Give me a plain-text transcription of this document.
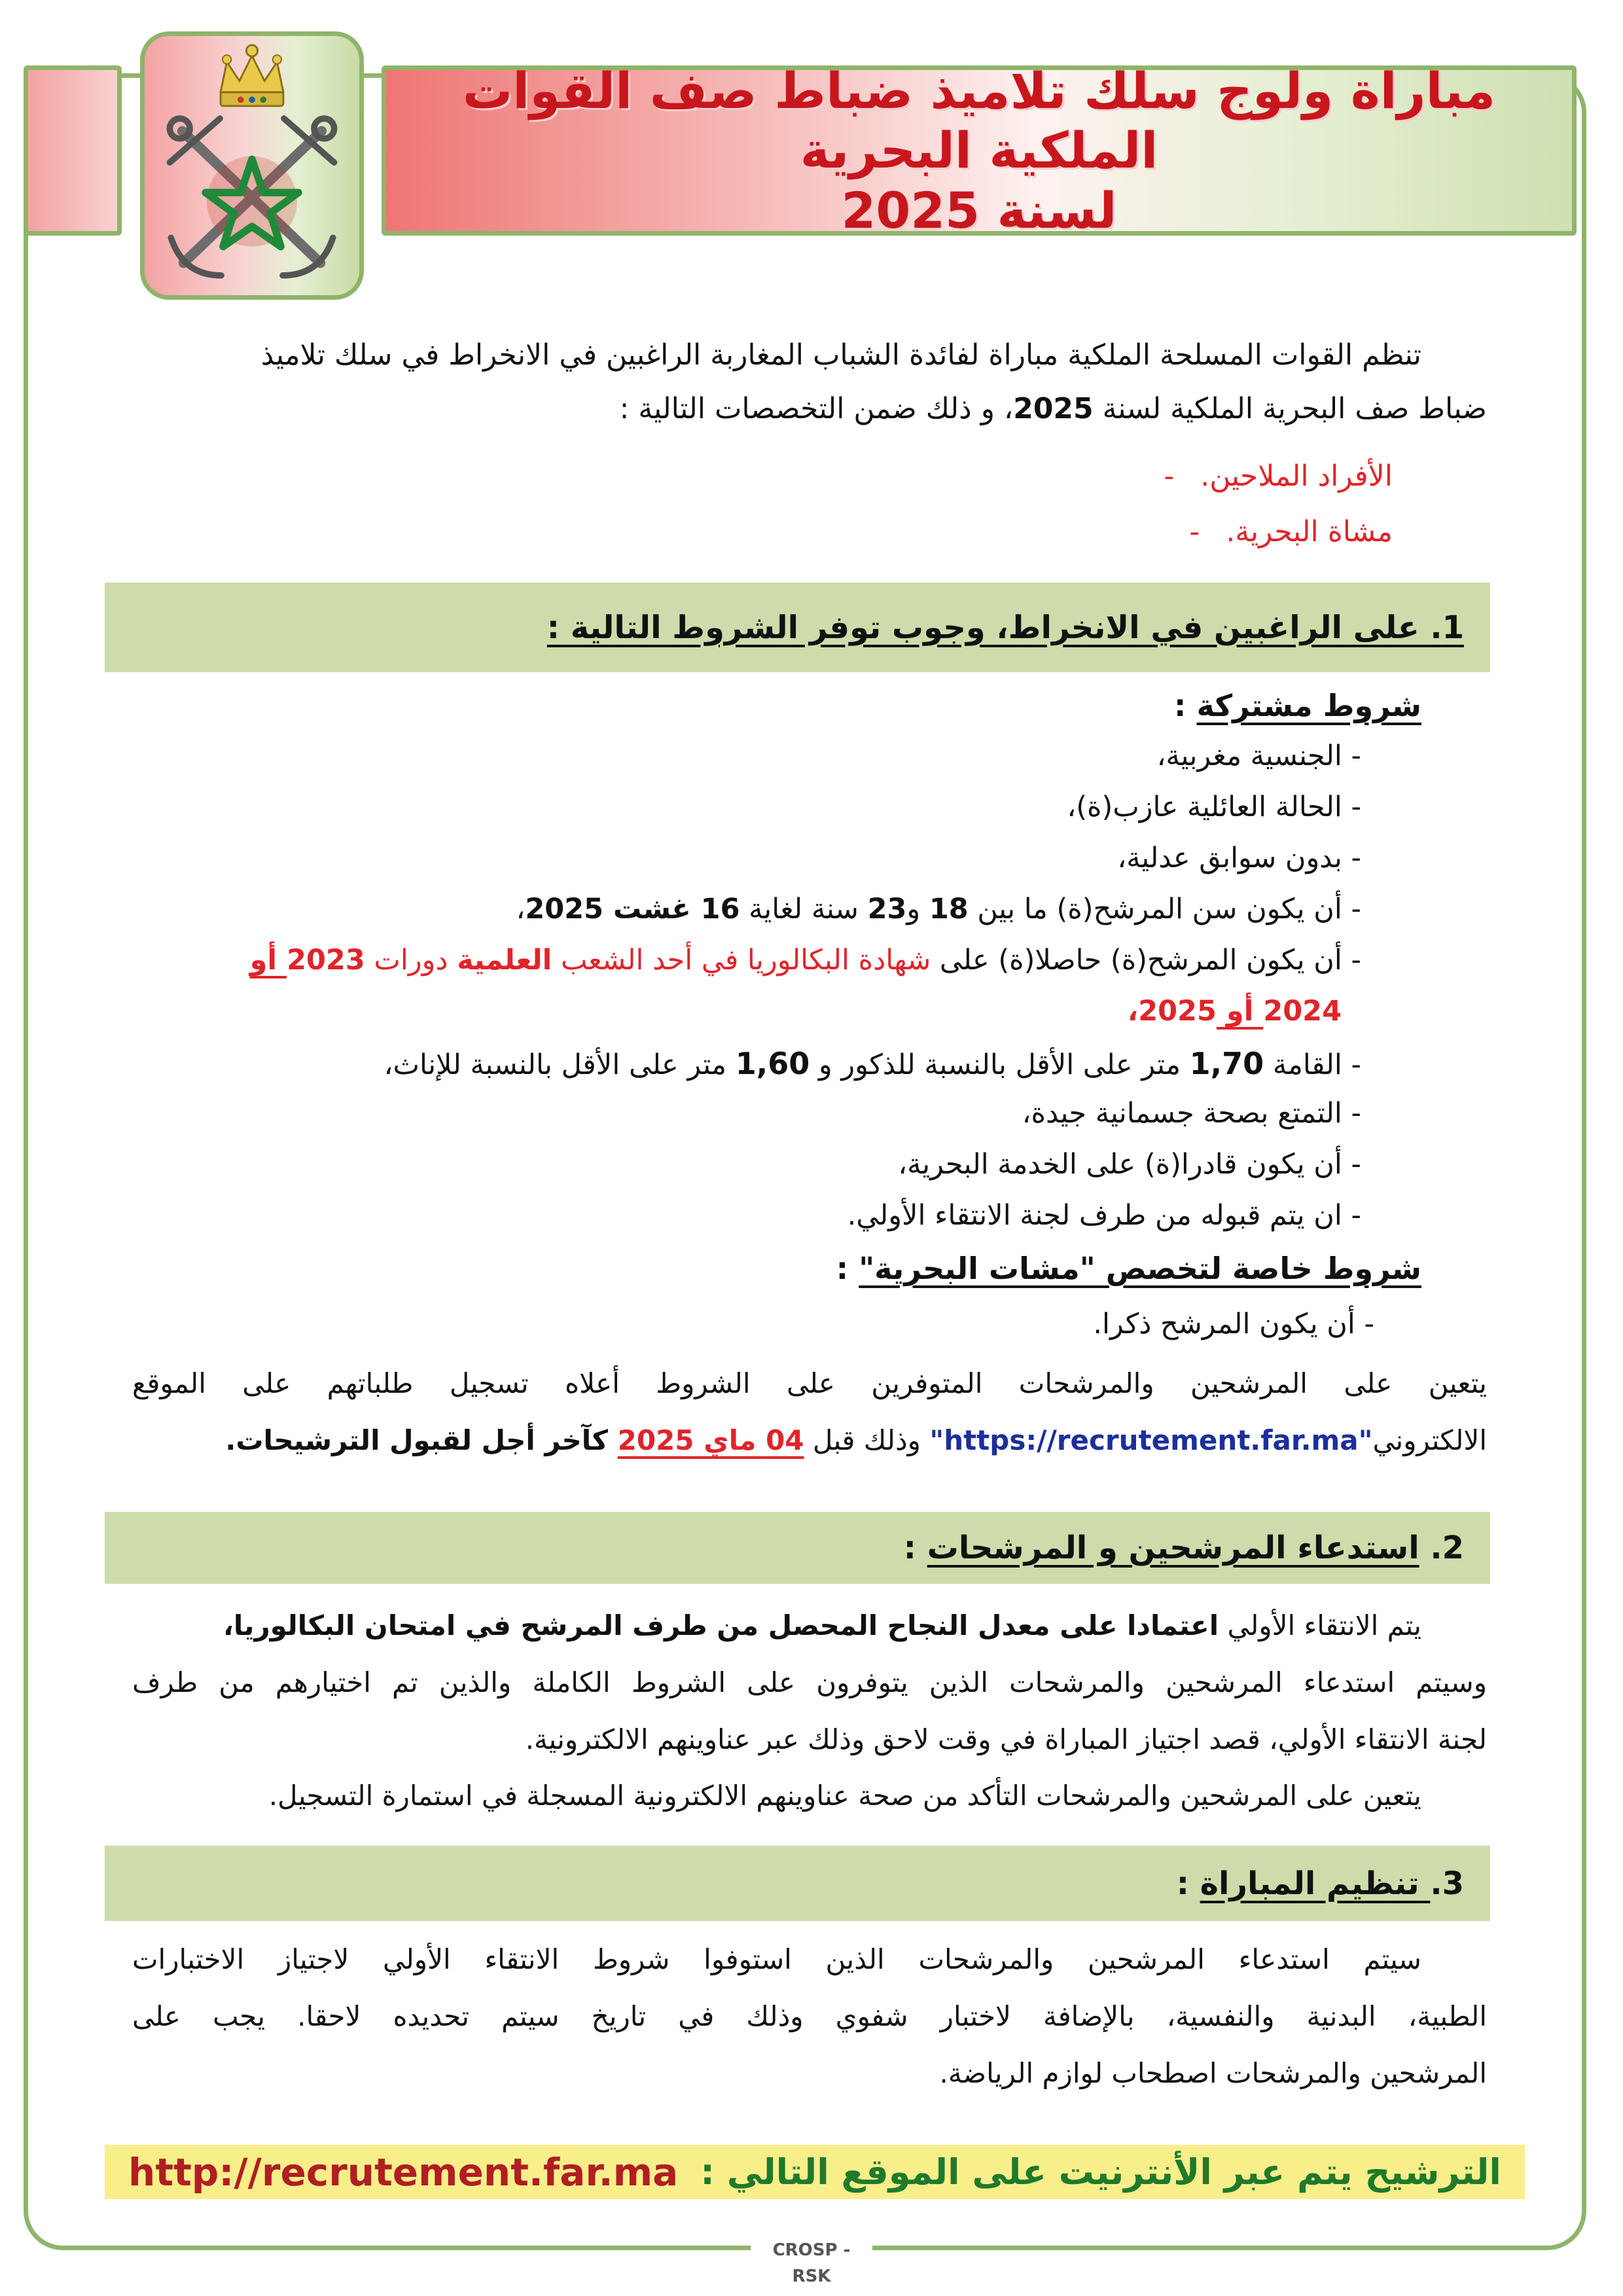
مباراة ولوج سلك تلاميذ ضباط صف القوات الملكية البحرية
لسنة 2025
تنظم القوات المسلحة الملكية مباراة لفائدة الشباب المغاربة الراغبين في الانخراط في سلك تلاميذ
ضباط صف البحرية الملكية لسنة 2025، و ذلك ضمن التخصصات التالية :
الأفراد الملاحين.-
مشاة البحرية.-
1. على الراغبين في الانخراط، وجوب توفر الشروط التالية :
شروط مشتركة :
- الجنسية مغربية،
- الحالة العائلية عازب(ة)،
- بدون سوابق عدلية،
- أن يكون سن المرشح(ة) ما بين 18 و23 سنة لغاية 16 غشت 2025،
- أن يكون المرشح(ة) حاصلا(ة) على شهادة البكالوريا في أحد الشعب العلمية دورات 2023 أو
2024 أو 2025،
- القامة 1,70 متر على الأقل بالنسبة للذكور و 1,60 متر على الأقل بالنسبة للإناث،
- التمتع بصحة جسمانية جيدة،
- أن يكون قادرا(ة) على الخدمة البحرية،
- ان يتم قبوله من طرف لجنة الانتقاء الأولي.
شروط خاصة لتخصص "مشات البحرية" :
- أن يكون المرشح ذكرا.
يتعين على المرشحين والمرشحات المتوفرين على الشروط أعلاه تسجيل طلباتهم على الموقع
الالكتروني"https://recrutement.far.ma" وذلك قبل 04 ماي 2025 كآخر أجل لقبول الترشيحات.
2. استدعاء المرشحين و المرشحات :
يتم الانتقاء الأولي اعتمادا على معدل النجاح المحصل من طرف المرشح في امتحان البكالوريا،
وسيتم استدعاء المرشحين والمرشحات الذين يتوفرون على الشروط الكاملة والذين تم اختيارهم من طرف
لجنة الانتقاء الأولي، قصد اجتياز المباراة في وقت لاحق وذلك عبر عناوينهم الالكترونية.
يتعين على المرشحين والمرشحات التأكد من صحة عناوينهم الالكترونية المسجلة في استمارة التسجيل.
3. تنظيم المباراة :
سيتم استدعاء المرشحين والمرشحات الذين استوفوا شروط الانتقاء الأولي لاجتياز الاختبارات
الطبية، البدنية والنفسية، بالإضافة لاختبار شفوي وذلك في تاريخ سيتم تحديده لاحقا. يجب على
المرشحين والمرشحات اصطحاب لوازم الرياضة.
الترشيح يتم عبر الأنترنيت على الموقع التالي :
http://recrutement.far.ma
CROSP - RSK
